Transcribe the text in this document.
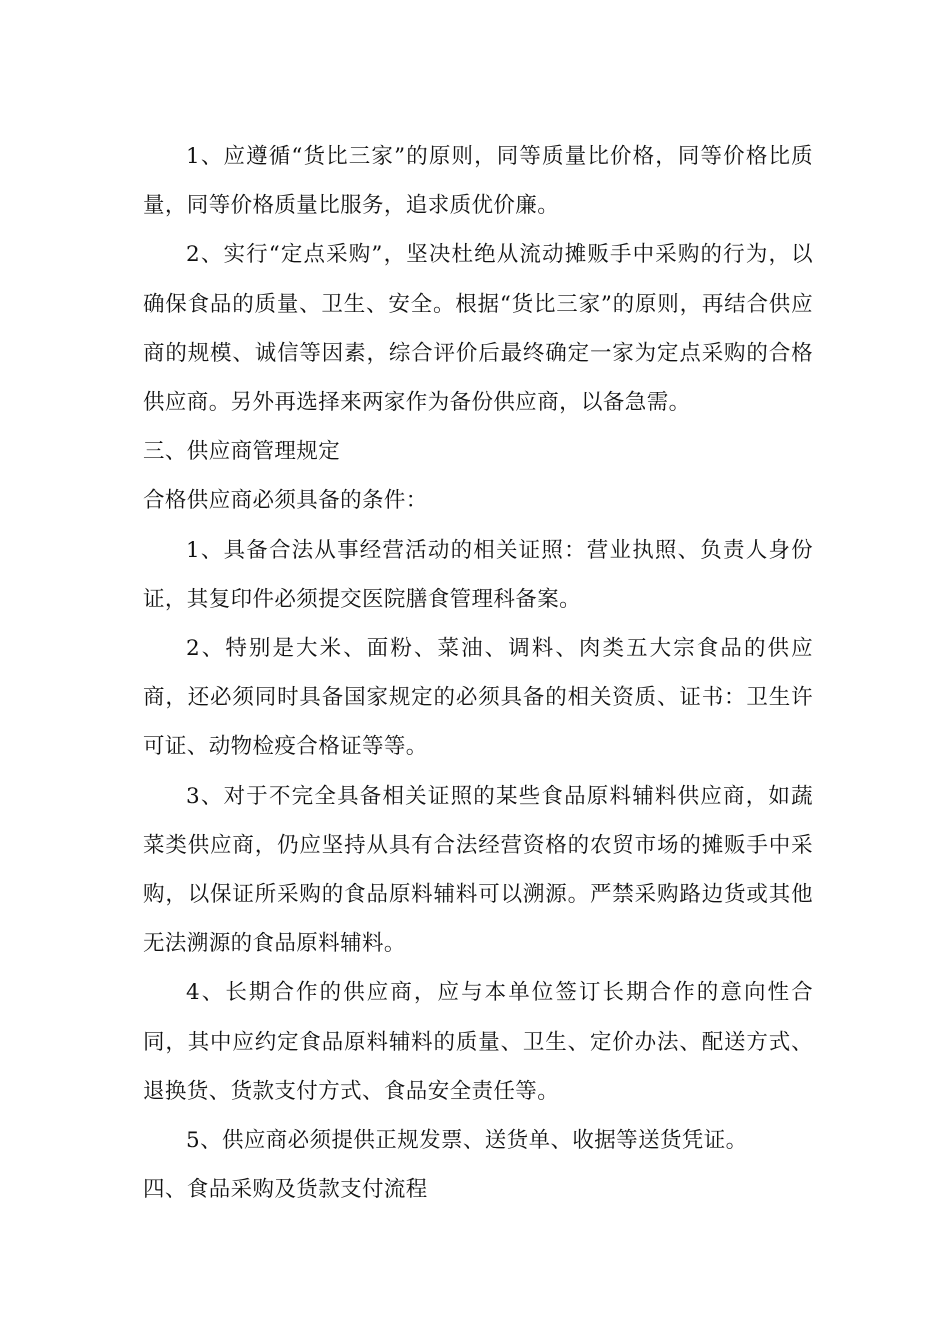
1、应遵循“货比三家”的原则，同等质量比价格，同等价格比质量，同等价格质量比服务，追求质优价廉。

2、实行“定点采购”，坚决杜绝从流动摊贩手中采购的行为，以确保食品的质量、卫生、安全。根据“货比三家”的原则，再结合供应商的规模、诚信等因素，综合评价后最终确定一家为定点采购的合格供应商。另外再选择来两家作为备份供应商，以备急需。

三、供应商管理规定

合格供应商必须具备的条件：

1、具备合法从事经营活动的相关证照：营业执照、负责人身份证，其复印件必须提交医院膳食管理科备案。

2、特别是大米、面粉、菜油、调料、肉类五大宗食品的供应商，还必须同时具备国家规定的必须具备的相关资质、证书：卫生许可证、动物检疫合格证等等。

3、对于不完全具备相关证照的某些食品原料辅料供应商，如蔬菜类供应商，仍应坚持从具有合法经营资格的农贸市场的摊贩手中采购，以保证所采购的食品原料辅料可以溯源。严禁采购路边货或其他无法溯源的食品原料辅料。

4、长期合作的供应商，应与本单位签订长期合作的意向性合同，其中应约定食品原料辅料的质量、卫生、定价办法、配送方式、退换货、货款支付方式、食品安全责任等。

5、供应商必须提供正规发票、送货单、收据等送货凭证。

四、食品采购及货款支付流程
